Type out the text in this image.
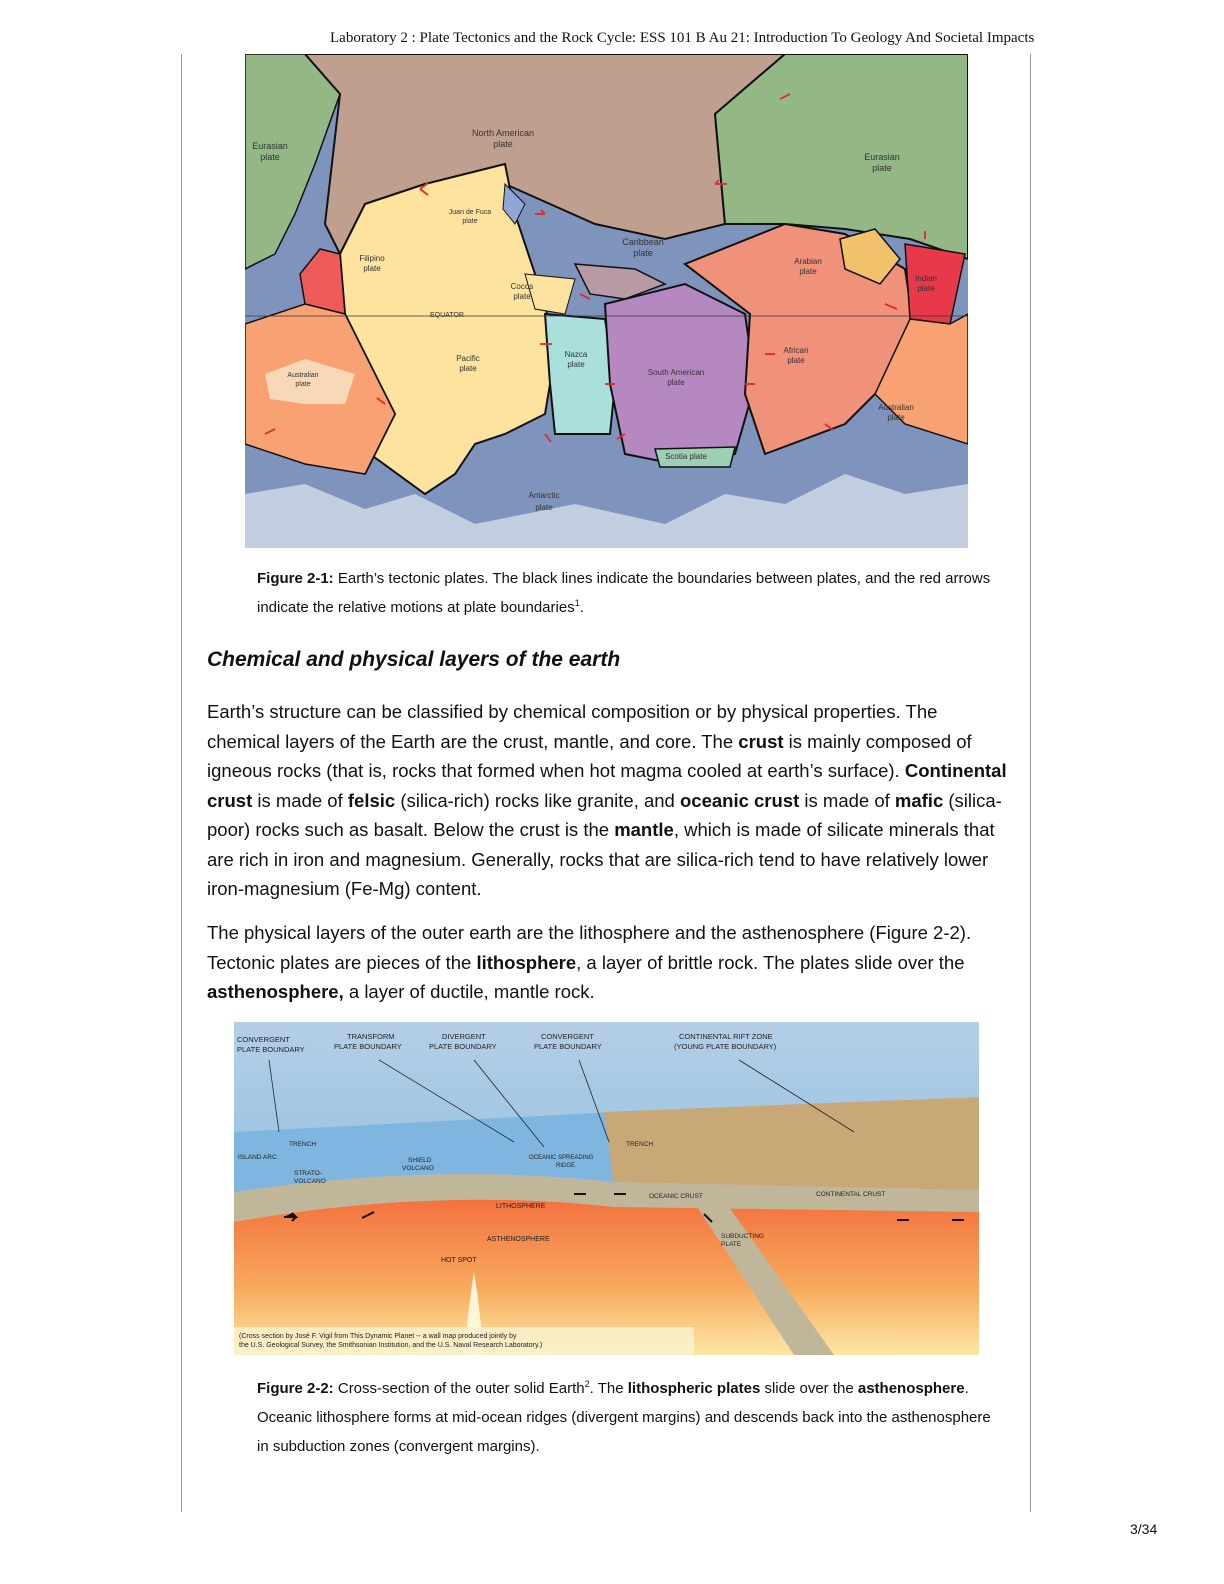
Laboratory 2 : Plate Tectonics and the Rock Cycle: ESS 101 B Au 21: Introduction To Geology And Societal Impacts
Eurasian plate
North American plate
Eurasian plate
Juan de Fuca plate
Caribbean plate
Filipino plate
Cocos plate
Arabian plate
Indian plate
EQUATOR
Pacific plate
Nazca plate
South American plate
African plate
Australian plate
Australian plate
Scotia plate
Antarctic plate
Figure 2-1: Earth’s tectonic plates. The black lines indicate the boundaries between plates, and the red arrows indicate the relative motions at plate boundaries$^1$.
Chemical and physical layers of the earth

Earth’s structure can be classified by chemical composition or by physical properties. The chemical layers of the Earth are the crust, mantle, and core. The crust is mainly composed of igneous rocks (that is, rocks that formed when hot magma cooled at earth’s surface). Continental crust is made of felsic (silica-rich) rocks like granite, and oceanic crust is made of mafic (silica-poor) rocks such as basalt. Below the crust is the mantle, which is made of silicate minerals that are rich in iron and magnesium. Generally, rocks that are silica-rich tend to have relatively lower iron-magnesium (Fe-Mg) content.

The physical layers of the outer earth are the lithosphere and the asthenosphere (Figure 2-2). Tectonic plates are pieces of the lithosphere, a layer of brittle rock. The plates slide over the asthenosphere, a layer of ductile, mantle rock.

CONVERGENT PLATE BOUNDARY
TRANSFORM PLATE BOUNDARY
DIVERGENT PLATE BOUNDARY
CONVERGENT PLATE BOUNDARY
CONTINENTAL RIFT ZONE (YOUNG PLATE BOUNDARY)
TRENCH
ISLAND ARC
STRATO-VOLCANO
SHIELD VOLCANO
OCEANIC SPREADING RIDGE
TRENCH
OCEANIC CRUST	CONTINENTAL CRUST
LITHOSPHERE
ASTHENOSPHERE	SUBDUCTING PLATE
HOT SPOT
(Cross section by José F. Vigil from This Dynamic Planet -- a wall map produced jointly by the U.S. Geological Survey, the Smithsonian Institution, and the U.S. Naval Research Laboratory.)
Figure 2-2: Cross-section of the outer solid Earth$^2$. The lithospheric plates slide over the asthenosphere. Oceanic lithosphere forms at mid-ocean ridges (divergent margins) and descends back into the asthenosphere in subduction zones (convergent margins).
3/34
